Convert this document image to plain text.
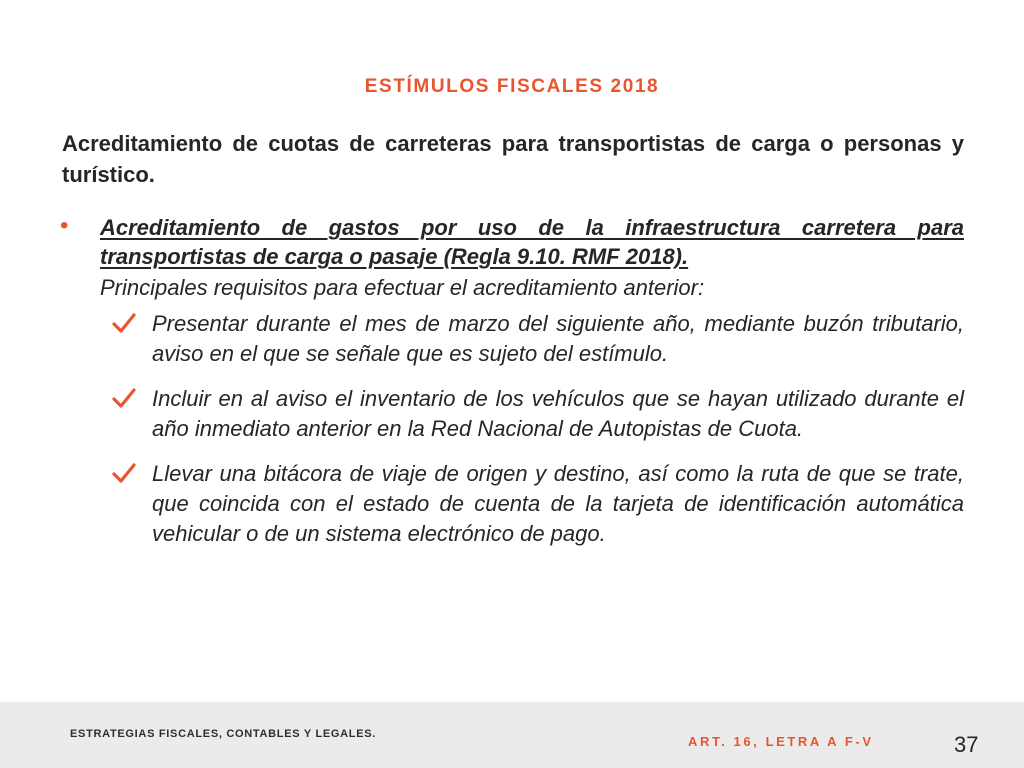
ESTÍMULOS FISCALES 2018

Acreditamiento de cuotas de carreteras para transportistas de carga o personas y turístico.

• Acreditamiento de gastos por uso de la infraestructura carretera para transportistas de carga o pasaje (Regla 9.10. RMF 2018).

Principales requisitos para efectuar el acreditamiento anterior:

Presentar durante el mes de marzo del siguiente año, mediante buzón tributario, aviso en el que se señale que es sujeto del estímulo.

Incluir en al aviso el inventario de los vehículos que se hayan utilizado durante el año inmediato anterior en la Red Nacional de Autopistas de Cuota.

Llevar una bitácora de viaje de origen y destino, así como la ruta de que se trate, que coincida con el estado de cuenta de la tarjeta de identificación automática vehicular o de un sistema electrónico de pago.

ESTRATEGIAS FISCALES, CONTABLES Y LEGALES.	ART. 16, LETRA A F-V	37
